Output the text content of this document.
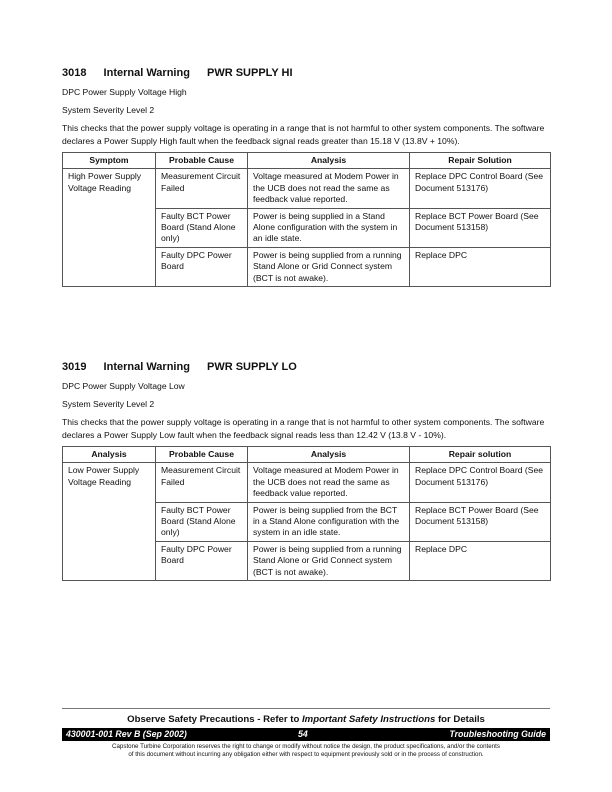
3018 Internal Warning PWR SUPPLY HI
DPC Power Supply Voltage High
System Severity Level 2
This checks that the power supply voltage is operating in a range that is not harmful to other system components. The software declares a Power Supply High fault when the feedback signal reads greater than 15.18 V (13.8V + 10%).
Symptom	Probable Cause	Analysis	Repair Solution
High Power Supply Voltage Reading	Measurement Circuit Failed	Voltage measured at Modem Power in the UCB does not read the same as feedback value reported.	Replace DPC Control Board (See Document 513176)
	Faulty BCT Power Board (Stand Alone only)	Power is being supplied in a Stand Alone configuration with the system in an idle state.	Replace BCT Power Board (See Document 513158)
	Faulty DPC Power Board	Power is being supplied from a running Stand Alone or Grid Connect system (BCT is not awake).	Replace DPC
3019 Internal Warning PWR SUPPLY LO
DPC Power Supply Voltage Low
System Severity Level 2
This checks that the power supply voltage is operating in a range that is not harmful to other system components. The software declares a Power Supply Low fault when the feedback signal reads less than 12.42 V (13.8 V - 10%).
Analysis	Probable Cause	Analysis	Repair solution
Low Power Supply Voltage Reading	Measurement Circuit Failed	Voltage measured at Modem Power in the UCB does not read the same as feedback value reported.	Replace DPC Control Board (See Document 513176)
	Faulty BCT Power Board (Stand Alone only)	Power is being supplied from the BCT in a Stand Alone configuration with the system in an idle state.	Replace BCT Power Board (See Document 513158)
	Faulty DPC Power Board	Power is being supplied from a running Stand Alone or Grid Connect system (BCT is not awake).	Replace DPC
Observe Safety Precautions - Refer to Important Safety Instructions for Details
430001-001 Rev B (Sep 2002)	54	Troubleshooting Guide
Capstone Turbine Corporation reserves the right to change or modify without notice the design, the product specifications, and/or the contents
of this document without incurring any obligation either with respect to equipment previously sold or in the process of construction.
